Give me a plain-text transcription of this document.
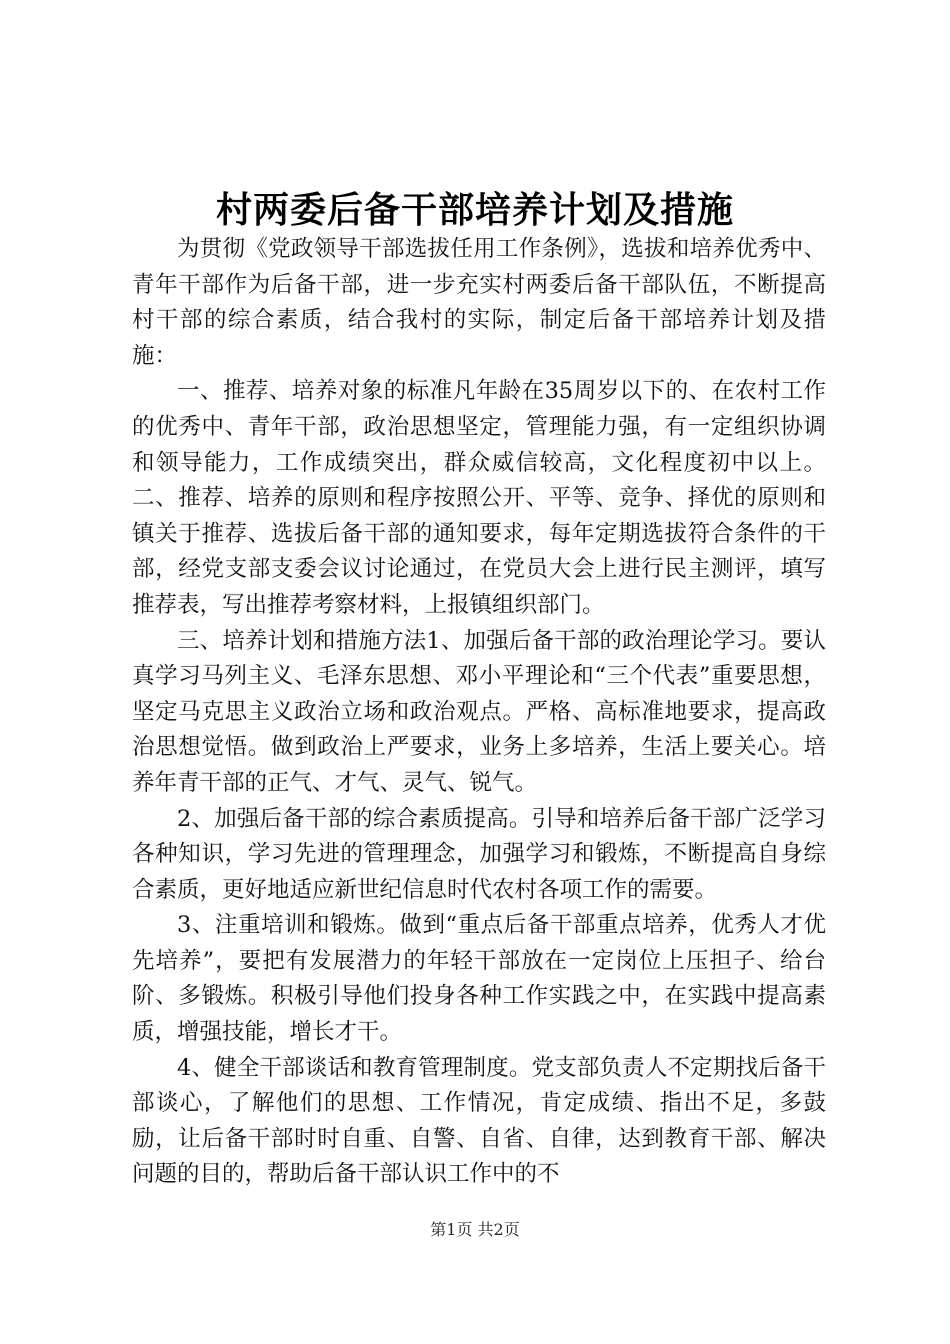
村两委后备干部培养计划及措施

为贯彻《党政领导干部选拔任用工作条例》，选拔和培养优秀中、青年干部作为后备干部，进一步充实村两委后备干部队伍，不断提高村干部的综合素质，结合我村的实际，制定后备干部培养计划及措施：

一、推荐、培养对象的标准凡年龄在35周岁以下的、在农村工作的优秀中、青年干部，政治思想坚定，管理能力强，有一定组织协调和领导能力，工作成绩突出，群众威信较高，文化程度初中以上。二、推荐、培养的原则和程序按照公开、平等、竞争、择优的原则和镇关于推荐、选拔后备干部的通知要求，每年定期选拔符合条件的干部，经党支部支委会议讨论通过，在党员大会上进行民主测评，填写推荐表，写出推荐考察材料，上报镇组织部门。

三、培养计划和措施方法1、加强后备干部的政治理论学习。要认真学习马列主义、毛泽东思想、邓小平理论和“三个代表”重要思想，坚定马克思主义政治立场和政治观点。严格、高标准地要求，提高政治思想觉悟。做到政治上严要求，业务上多培养，生活上要关心。培养年青干部的正气、才气、灵气、锐气。

2、加强后备干部的综合素质提高。引导和培养后备干部广泛学习各种知识，学习先进的管理理念，加强学习和锻炼，不断提高自身综合素质，更好地适应新世纪信息时代农村各项工作的需要。

3、注重培训和锻炼。做到“重点后备干部重点培养，优秀人才优先培养”，要把有发展潜力的年轻干部放在一定岗位上压担子、给台阶、多锻炼。积极引导他们投身各种工作实践之中，在实践中提高素质，增强技能，增长才干。

4、健全干部谈话和教育管理制度。党支部负责人不定期找后备干部谈心，了解他们的思想、工作情况，肯定成绩、指出不足，多鼓励，让后备干部时时自重、自警、自省、自律，达到教育干部、解决问题的目的，帮助后备干部认识工作中的不

第1页 共2页
